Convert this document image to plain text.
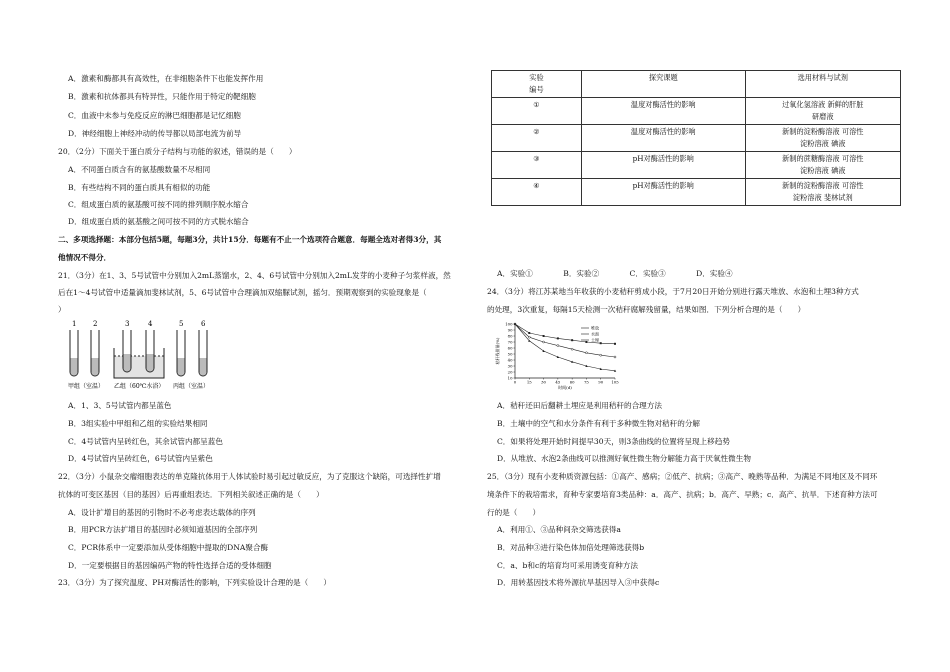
A．激素和酶都具有高效性，在非细胞条件下也能发挥作用
B．激素和抗体都具有特异性，只能作用于特定的靶细胞
C．血液中未参与免疫反应的淋巴细胞都是记忆细胞
D．神经细胞上神经冲动的传导都以局部电流为前导
20．（2分）下面关于蛋白质分子结构与功能的叙述，错误的是（　　）
A．不同蛋白质含有的氨基酸数量不尽相同
B．有些结构不同的蛋白质具有相似的功能
C．组成蛋白质的氨基酸可按不同的排列顺序脱水缩合
D．组成蛋白质的氨基酸之间可按不同的方式脱水缩合
二、多项选择题：本部分包括5题，每题3分，共计15分．每题有不止一个选项符合题意．每题全选对者得3分，其
他情况不得分．
21．（3分）在1、3、5号试管中分别加入2mL蒸馏水，2、4、6号试管中分别加入2mL发芽的小麦种子匀浆样液，然
后在1～4号试管中适量滴加斐林试剂，5、6号试管中合理滴加双缩脲试剂，摇匀．预期观察到的实验现象是（
）
1 2	3	4	5	6
甲组（室温） 乙组（60℃水浴） 丙组（室温）
A．1、3、5号试管内都呈蓝色
B．3组实验中甲组和乙组的实验结果相同
C．4号试管内呈砖红色，其余试管内都呈蓝色
D．4号试管内呈砖红色，6号试管内呈紫色
22．（3分）小鼠杂交瘤细胞表达的单克隆抗体用于人体试验时易引起过敏反应，为了克服这个缺陷，可选择性扩增
抗体的可变区基因（目的基因）后再重组表达．下列相关叙述正确的是（　　）
A．设计扩增目的基因的引物时不必考虑表达载体的序列
B．用PCR方法扩增目的基因时必须知道基因的全部序列
C．PCR体系中一定要添加从受体细胞中提取的DNA聚合酶
D．一定要根据目的基因编码产物的特性选择合适的受体细胞
23．（3分）为了探究温度、PH对酶活性的影响，下列实验设计合理的是（　　）
实验
编号	探究课题	选用材料与试剂
①	温度对酶活性的影响	过氧化氢溶液 新鲜的肝脏
研磨液

②	温度对酶活性的影响	新制的淀粉酶溶液 可溶性
淀粉溶液 碘液

③	pH对酶活性的影响	新制的蔗糖酶溶液 可溶性
淀粉溶液 碘液

④	pH对酶活性的影响	新制的淀粉酶溶液 可溶性
淀粉溶液 斐林试剂
A．实验①　　　　B．实验②　　　　C．实验③　　　　D．实验④
24．（3分）将江苏某地当年收获的小麦秸秆剪成小段，于7月20日开始分别进行露天堆放、水泡和土埋3种方式
的处理，3次重复，每隔15天检测一次秸秆腐解残留量，结果如图．下列分析合理的是（　　）
10
20
30
40
50
60
70
80
90
100
0	15 30 45 60 75 90 105
时间(d)
秸秆残留量(%)
堆放
水泡
土埋
A．秸秆还田后翻耕土埋应是利用秸秆的合理方法
B．土壤中的空气和水分条件有利于多种微生物对秸秆的分解
C．如果将处理开始时间提早30天，则3条曲线的位置将呈现上移趋势
D．从堆放、水泡2条曲线可以推测好氧性微生物分解能力高于厌氧性微生物
25．（3分）现有小麦种质资源包括：①高产、感病；②低产、抗病；③高产、晚熟等品种．为满足不同地区及不同环
境条件下的栽培需求，育种专家要培育3类品种：a．高产、抗病；b．高产、早熟；c．高产、抗旱．下述育种方法可
行的是（　　）
A．利用①、③品种间杂交筛选获得a
B．对品种③进行染色体加倍处理筛选获得b
C．a、b和c的培育均可采用诱变育种方法
D．用转基因技术将外源抗旱基因导入③中获得c
